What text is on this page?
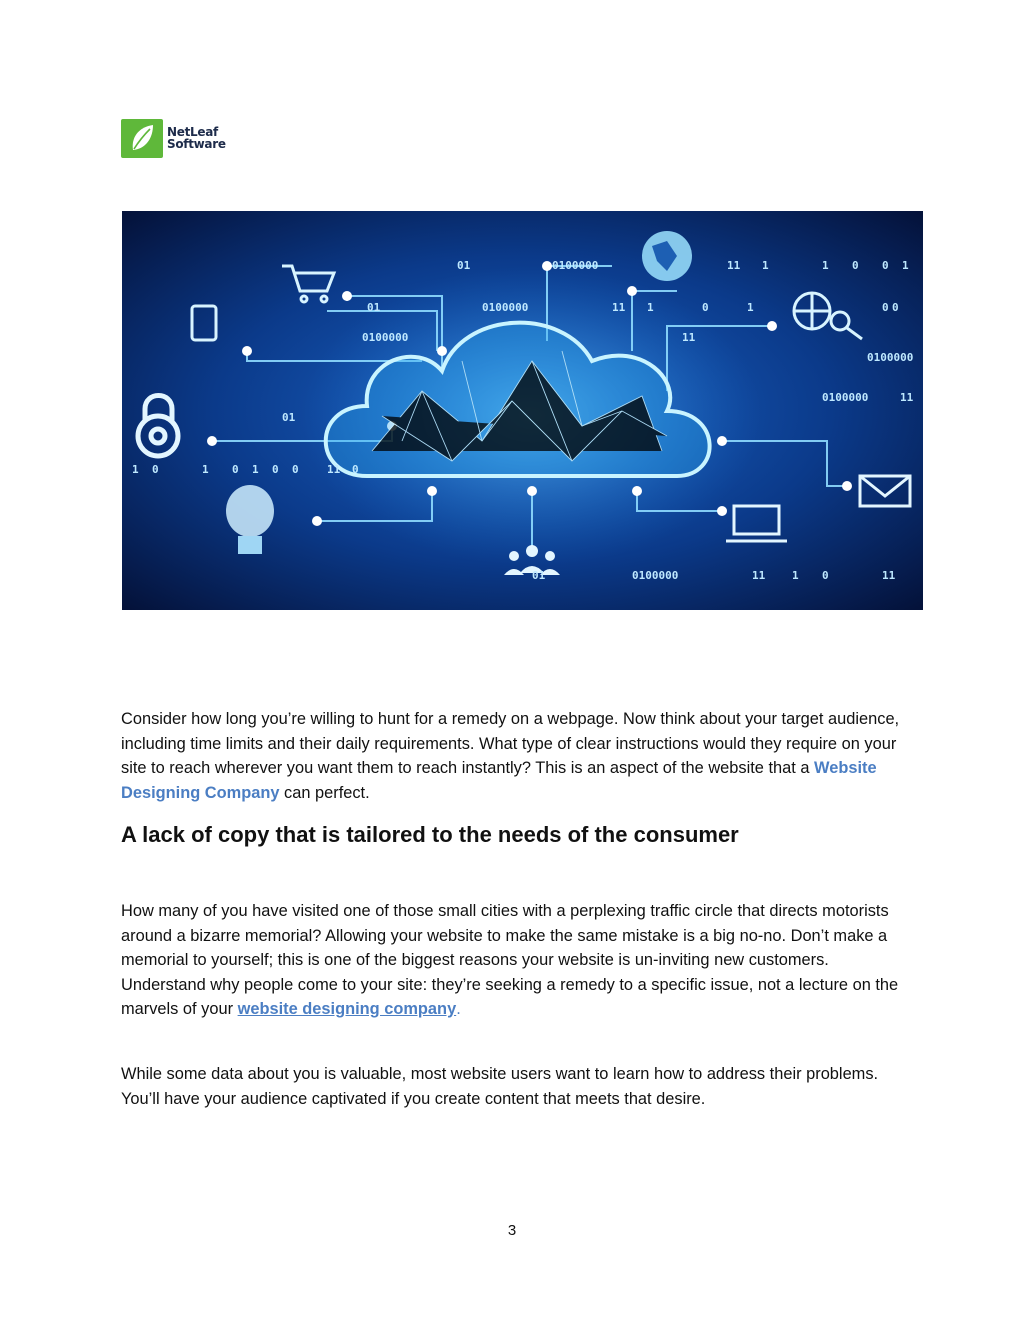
NetLeaf
Software
01	0100000	11 1	0
0100000	11 1	0	1	0
0100000	11
1 0
01	0100000	11 1 0
1 0 1 0 0	11 0
01
0100000
11
1	0 1
0
01
0100000	11

Consider how long you’re willing to hunt for a remedy on a webpage. Now think about your target audience, including time limits and their daily requirements. What type of clear instructions would they require on your site to reach wherever you want them to reach instantly? This is an aspect of the website that a Website Designing Company can perfect.

A lack of copy that is tailored to the needs of the consumer

How many of you have visited one of those small cities with a perplexing traffic circle that directs motorists around a bizarre memorial? Allowing your website to make the same mistake is a big no-no. Don’t make a memorial to yourself; this is one of the biggest reasons your website is un-inviting new customers. Understand why people come to your site: they’re seeking a remedy to a specific issue, not a lecture on the marvels of your website designing company.

While some data about you is valuable, most website users want to learn how to address their problems. You’ll have your audience captivated if you create content that meets that desire.

3
